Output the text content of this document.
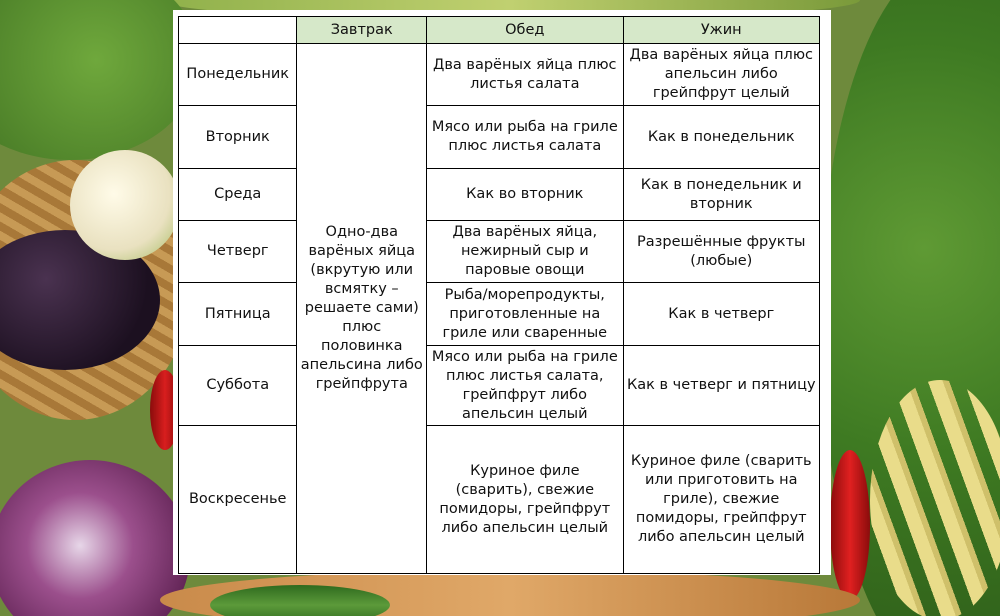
	Завтрак	Обед	Ужин
Понедельник	Одно-два варёных яйца (вкрутую или всмятку – решаете сами) плюс половинка апельсина либо грейпфрута	Два варёных яйца плюс листья салата	Два варёных яйца плюс апельсин либо грейпфрут целый
Вторник		Мясо или рыба на гриле плюс листья салата	Как в понедельник
Среда		Как во вторник	Как в понедельник и вторник
Четверг		Два варёных яйца, нежирный сыр и паровые овощи	Разрешённые фрукты (любые)
Пятница		Рыба/морепродукты, приготовленные на гриле или сваренные	Как в четверг
Суббота		Мясо или рыба на гриле плюс листья салата, грейпфрут либо апельсин целый	Как в четверг и пятницу
Воскресенье		Куриное филе (сварить), свежие помидоры, грейпфрут либо апельсин целый	Куриное филе (сварить или приготовить на гриле), свежие помидоры, грейпфрут либо апельсин целый
